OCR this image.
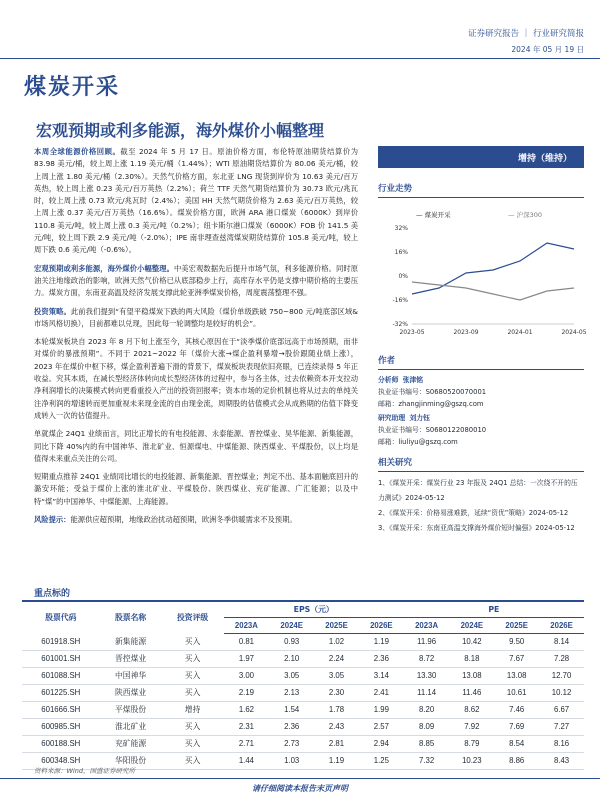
证券研究报告 ｜ 行业研究简报
2024 年 05 月 19 日
煤炭开采
宏观预期或利多能源，海外煤价小幅整理

本周全球能源价格回顾。截至 2024 年 5 月 17 日。原油价格方面，布伦特原油期货结算价为 83.98 美元/桶，较上周上涨 1.19 美元/桶（1.44%）；WTI 原油期货结算价为 80.06 美元/桶，较上周上涨 1.80 美元/桶（2.30%）。天然气价格方面，东北亚 LNG 现货到岸价为 10.63 美元/百万英热，较上周上涨 0.23 美元/百万英热（2.2%）；荷兰 TTF 天然气期货结算价为 30.73 欧元/兆瓦时，较上周上涨 0.73 欧元/兆瓦时（2.4%）；美国 HH 天然气期货价格为 2.63 美元/百万英热，较上周上涨 0.37 美元/百万英热（16.6%）。煤炭价格方面，欧洲 ARA 港口煤炭（6000K）到岸价 110.8 美元/吨，较上周上涨 0.3 美元/吨（0.2%）；纽卡斯尔港口煤炭（6000K）FOB 价 141.5 美元/吨，较上周下跌 2.9 美元/吨（-2.0%）；IPE 南非理查兹湾煤炭期货结算价 105.8 美元/吨，较上周下跌 0.6 美元/吨（-0.6%）。

宏观预期或利多能源，海外煤价小幅整理。中美宏观数据先后提升市场气氛，利多能源价格。同时原油关注地缘政治的影响，欧洲天然气价格已从底部稳步上行，高库存水平仍是支撑中期价格的主要压力。煤炭方面，东南亚高温及经济发展支撑此轮亚洲季煤炭价格，周度震荡整理不强。

投资策略。此前我们提到“有望平稳煤炭下跌的两大风险（煤价单级跌破 750~800 元/吨底部区域&市场风格切换），目前都难以兑现，因此每一轮调整均是较好的机会”。

本轮煤炭板块自 2023 年 8 月下旬上涨至今，其核心原因在于“淡季煤价底部远高于市场预期，而非对煤价的暴涨预期”。不同于 2021~2022 年（煤价大涨→煤企盈利暴增→股价跟随业绩上涨），2023 年在煤价中枢下移，煤企盈利普遍下滑的背景下，煤炭板块表现依旧亮眼，已连续录得 5 年正收益。究其本质，在减长型经济体转向成长型经济体的过程中，参与各主体，过去依赖资本开支拉动净利润增长的决策模式转向更看重投入产出的投资回报率；资本市场的定价机制也将从过去的单纯关注净利润的增速转而更加重视未来现金流的自由现金流，周期股的估值模式会从成熟期的估值下降变成转入一次的估值提升。

单就煤企 24Q1 业绩而言，同比正增长的有电投能源、永泰能源、晋控煤业、昊华能源、新集能源，同比下降 40%内的有中国神华、淮北矿业、恒源煤电、中煤能源、陕西煤业、平煤股份，以上均是值得未来重点关注的公司。

短期重点推荐 24Q1 业绩同比增长的电投能源、新集能源、晋控煤业；判定不出、基本面触底回升的潞安环能；受益于煤价上涨的淮北矿业、平煤股份、陕西煤业、兖矿能源、广汇能源；以及中特“煤”的中国神华、中煤能源、上海能源。

风险提示：能源供应超预期，地缘政治扰动超预期，欧洲冬季供暖需求不及预期。

增持（维持）
行业走势
32%
16%
0%
-16%
-32%
2023-05	2023-09	2024-01	2024-05
— 煤炭开采	— 沪深300
作者
分析师 张津铭
执业证书编号：S0680520070001
邮箱：zhangjinming@gszq.com
研究助理 刘力钰
执业证书编号：S0680122080010
邮箱：liuliyu@gszq.com
相关研究

1、《煤炭开采：煤炭行业 23 年报及 24Q1 总结：一次绕不开的压力测试》2024-05-12

2、《煤炭开采：价格易涨难跌，延续“资优”策略》2024-05-12

3、《煤炭开采：东南亚高温支撑海外煤价短时偏强》2024-05-12

重点标的
股票代码	股票名称	投资评级	EPS（元）				PE			
			2023A	2024E	2025E	2026E	2023A	2024E	2025E	2026E
601918.SH	新集能源	买入	0.81	0.93	1.02	1.19	11.96	10.42	9.50	8.14
601001.SH	晋控煤业	买入	1.97	2.10	2.24	2.36	8.72	8.18	7.67	7.28
601088.SH	中国神华	买入	3.00	3.05	3.05	3.14	13.30	13.08	13.08	12.70
601225.SH	陕西煤业	买入	2.19	2.13	2.30	2.41	11.14	11.46	10.61	10.12
601666.SH	平煤股份	增持	1.62	1.54	1.78	1.99	8.20	8.62	7.46	6.67
600985.SH	淮北矿业	买入	2.31	2.36	2.43	2.57	8.09	7.92	7.69	7.27
600188.SH	兖矿能源	买入	2.71	2.73	2.81	2.94	8.85	8.79	8.54	8.16
600348.SH	华阳股份	买入	1.44	1.03	1.19	1.25	7.32	10.23	8.86	8.43
资料来源：Wind，国盛证券研究所
请仔细阅读本报告末页声明
